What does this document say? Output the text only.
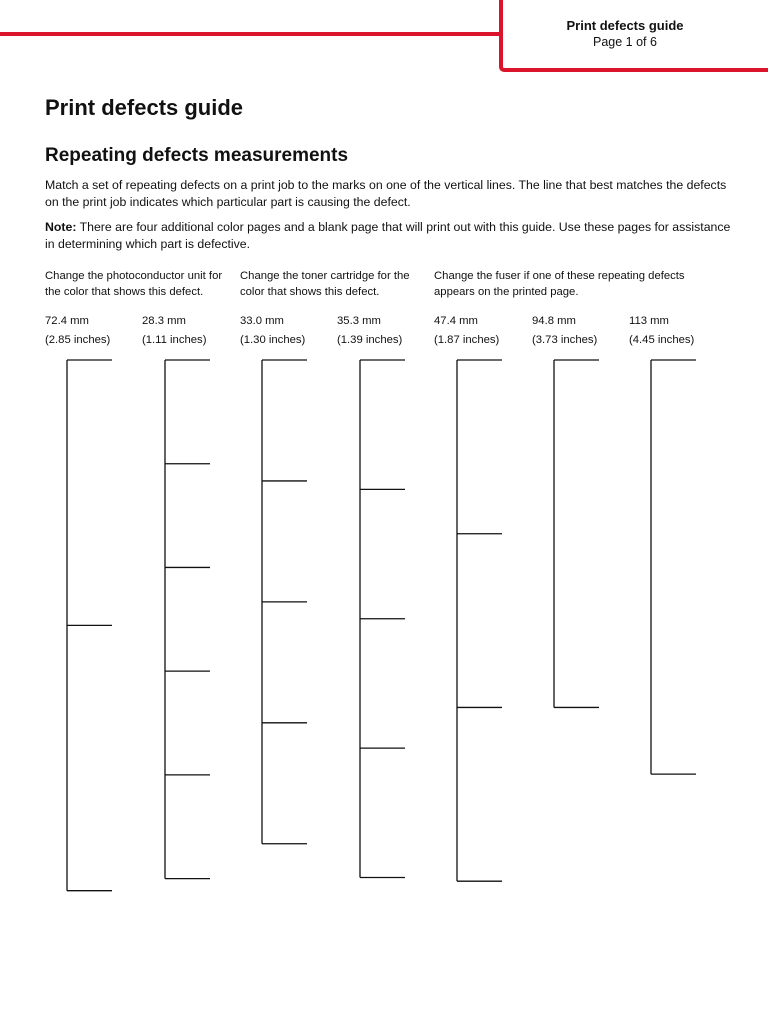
Print defects guide
Page 1 of 6
Print defects guide
Repeating defects measurements

Match a set of repeating defects on a print job to the marks on one of the vertical lines. The line that best matches the defects on the print job indicates which particular part is causing the defect.

Note: There are four additional color pages and a blank page that will print out with this guide. Use these pages for assistance in determining which part is defective.

Change the photoconductor unit for the color that shows this defect.
Change the toner cartridge for the color that shows this defect.
Change the fuser if one of these repeating defects appears on the printed page.
72.4 mm
(2.85 inches)
28.3 mm
(1.11 inches)
33.0 mm
(1.30 inches)
35.3 mm
(1.39 inches)
47.4 mm
(1.87 inches)
94.8 mm
(3.73 inches)
113 mm
(4.45 inches)
